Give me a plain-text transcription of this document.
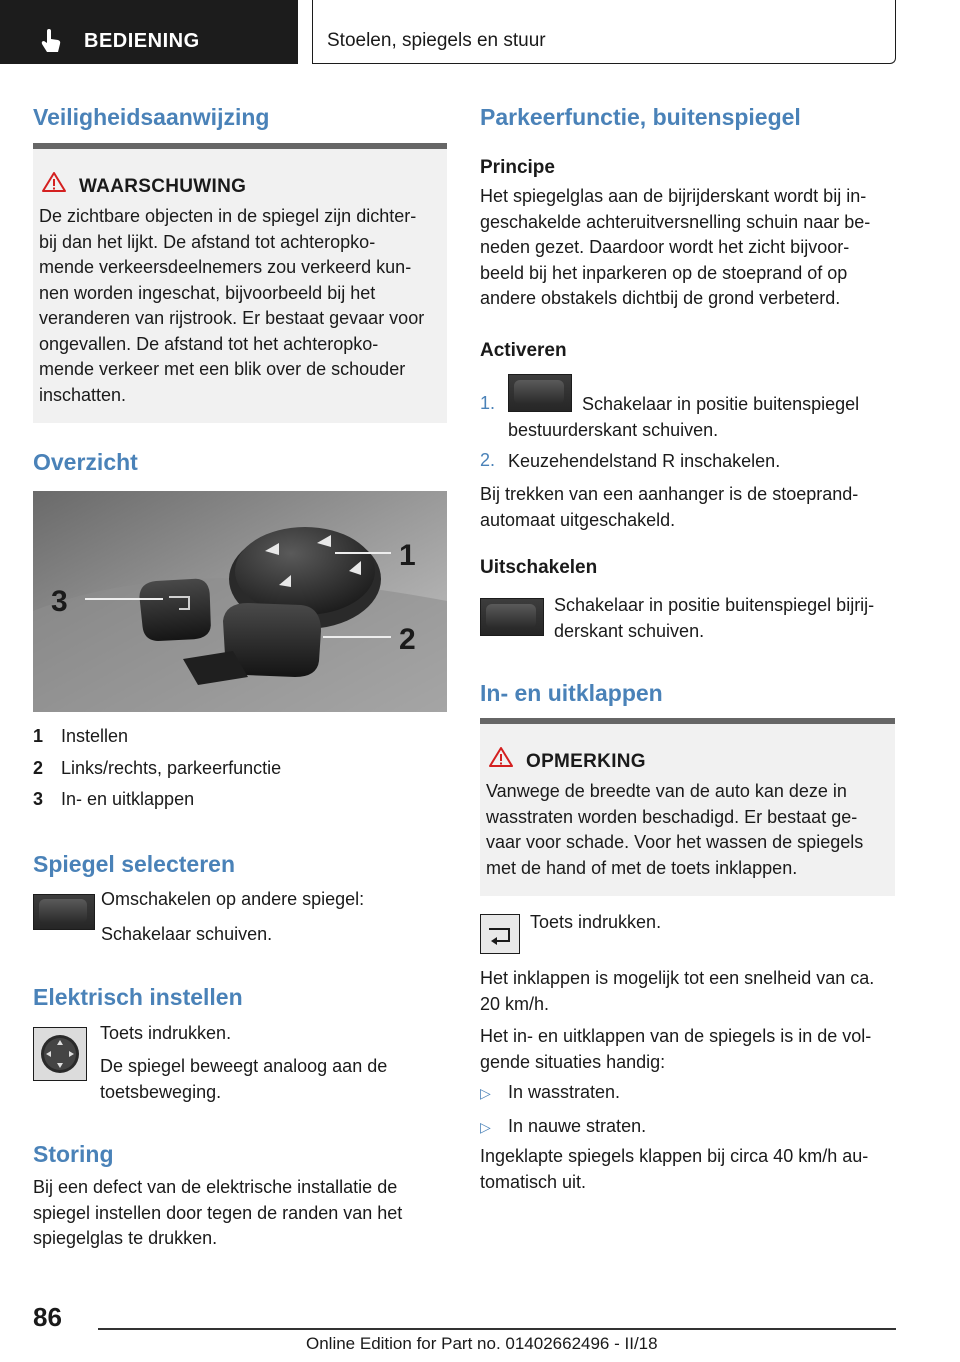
BEDIENING	Stoelen, spiegels en stuur
Veiligheidsaanwijzing
WAARSCHUWING
De zichtbare objecten in de spiegel zijn dichter-
bij dan het lijkt. De afstand tot achteropko-
mende verkeersdeelnemers zou verkeerd kun-
nen worden ingeschat, bijvoorbeeld bij het
veranderen van rijstrook. Er bestaat gevaar voor
ongevallen. De afstand tot het achteropko-
mende verkeer met een blik over de schouder
inschatten.
Overzicht
1
2
3
1 Instellen
2 Links/rechts, parkeerfunctie
3 In- en uitklappen
Spiegel selecteren
Omschakelen op andere spiegel:
Schakelaar schuiven.
Elektrisch instellen
Toets indrukken.
De spiegel beweegt analoog aan de
toetsbeweging.
Storing
Bij een defect van de elektrische installatie de
spiegel instellen door tegen de randen van het
spiegelglas te drukken.
Parkeerfunctie, buitenspiegel
Principe
Het spiegelglas aan de bijrijderskant wordt bij in-
geschakelde achteruitversnelling schuin naar be-
neden gezet. Daardoor wordt het zicht bijvoor-
beeld bij het inparkeren op de stoeprand of op
andere obstakels dichtbij de grond verbeterd.
Activeren
1.	Schakelaar in positie buitenspiegel
bestuurderskant schuiven.
2. Keuzehendelstand R inschakelen.
Bij trekken van een aanhanger is de stoeprand-
automaat uitgeschakeld.
Uitschakelen
Schakelaar in positie buitenspiegel bijrij-
derskant schuiven.
In- en uitklappen
OPMERKING
Vanwege de breedte van de auto kan deze in
wasstraten worden beschadigd. Er bestaat ge-
vaar voor schade. Voor het wassen de spiegels
met de hand of met de toets inklappen.
Toets indrukken.
Het inklappen is mogelijk tot een snelheid van ca.
20 km/h.
Het in- en uitklappen van de spiegels is in de vol-
gende situaties handig:
▷ In wasstraten.
▷ In nauwe straten.
Ingeklapte spiegels klappen bij circa 40 km/h au-
tomatisch uit.
86
Online Edition for Part no. 01402662496 - II/18
